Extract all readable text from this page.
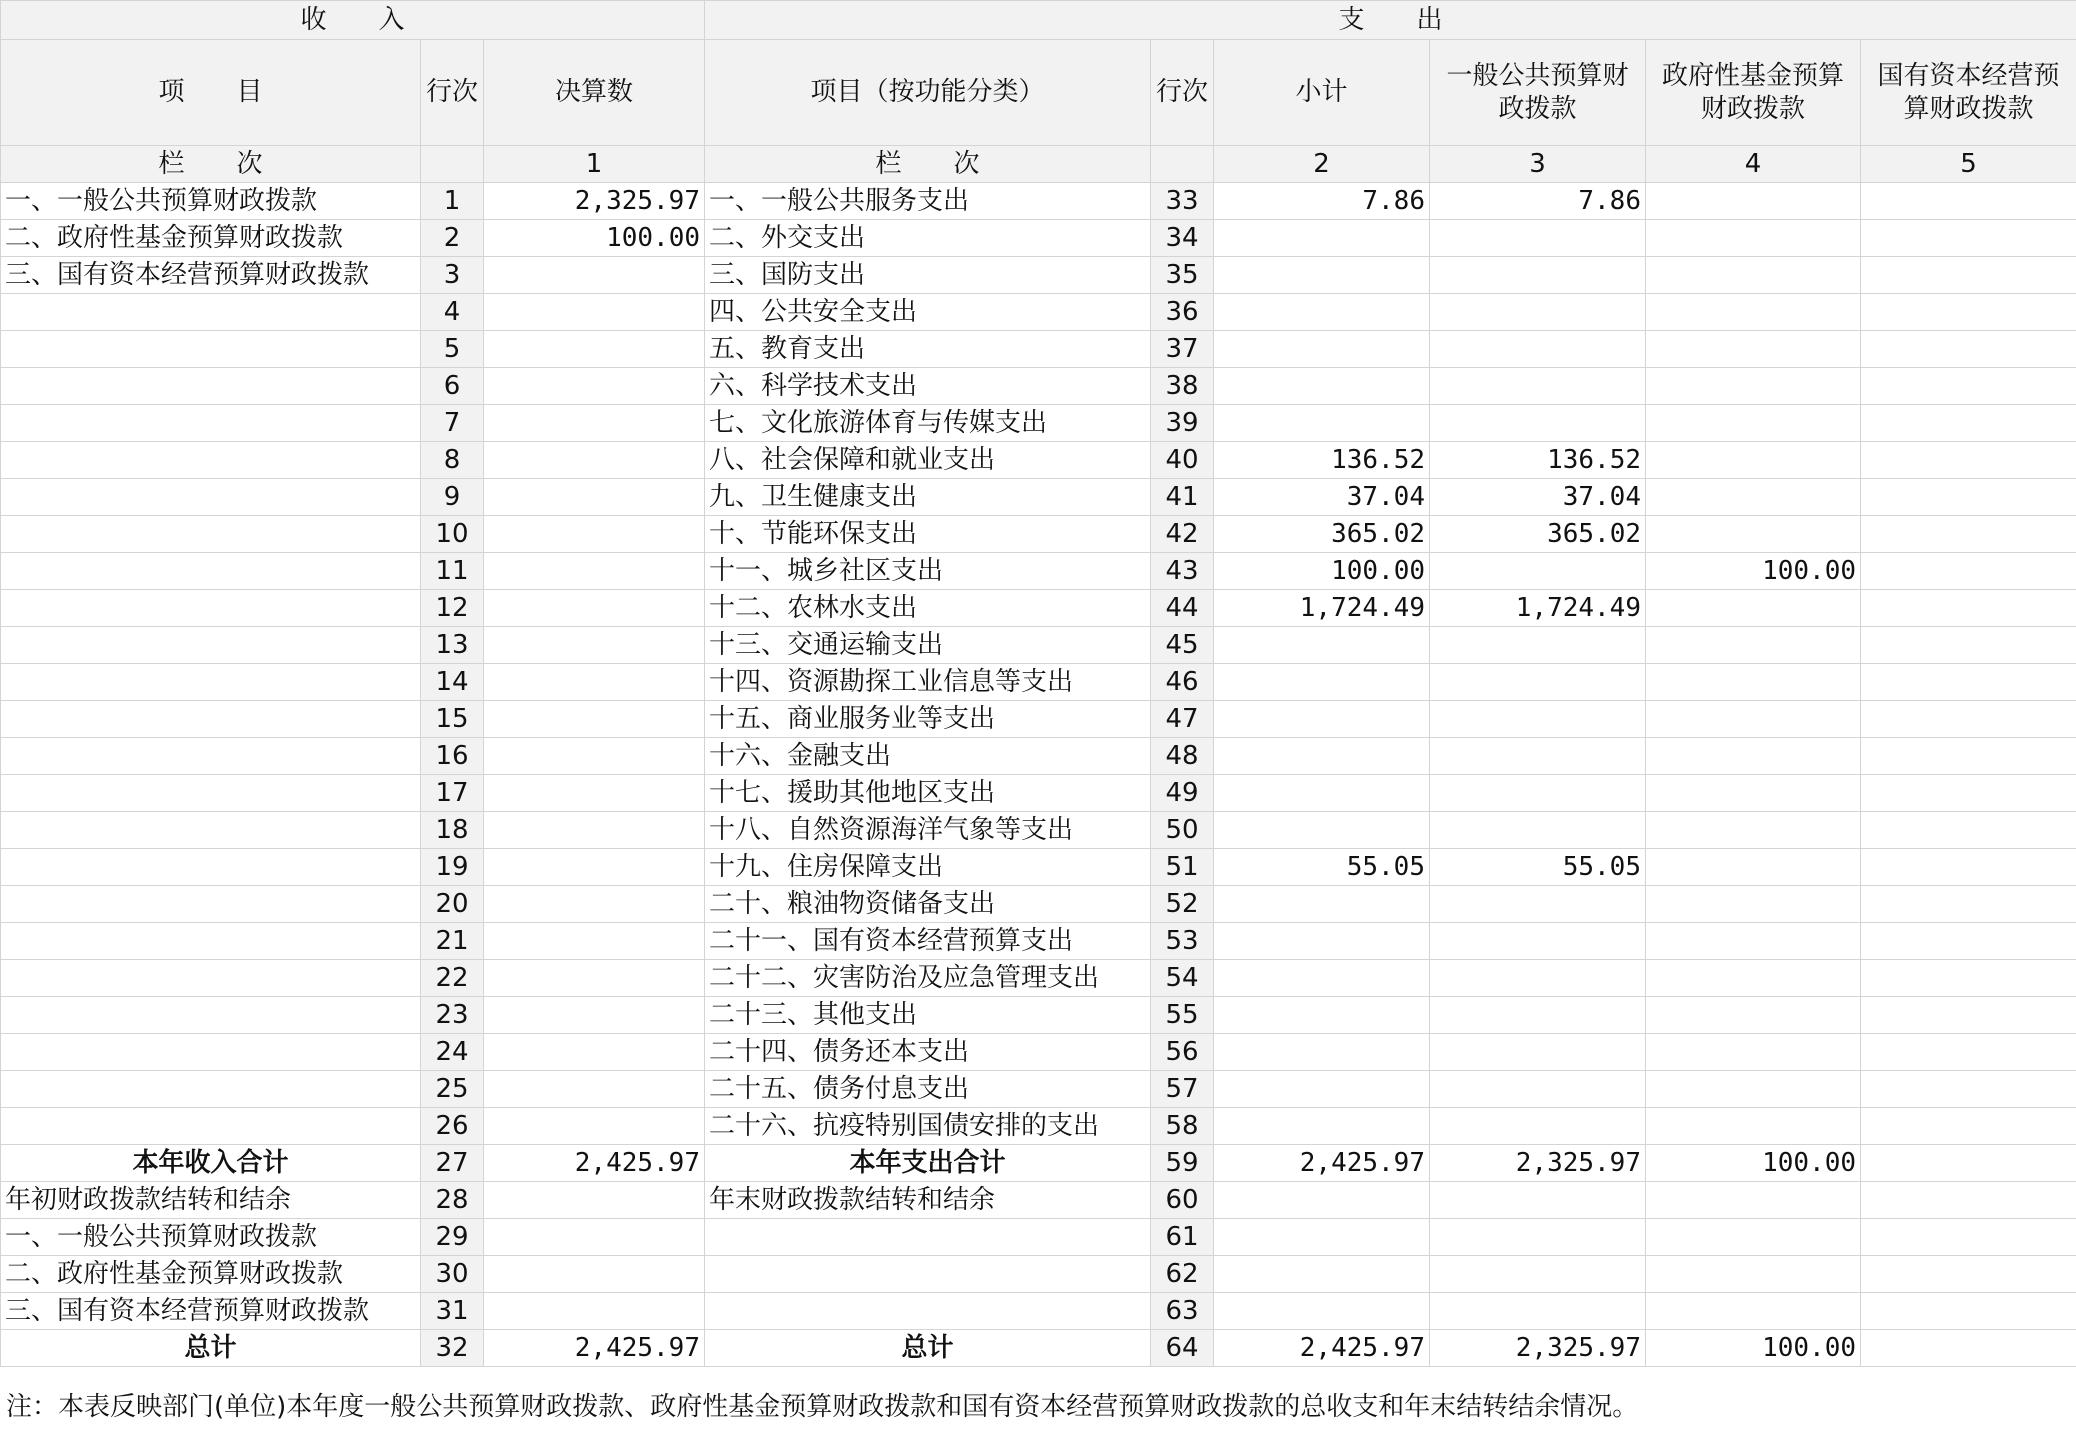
收　　入			支　　出					
项　　目	行次	决算数	项目（按功能分类）	行次	小计	一般公共预算财政拨款	政府性基金预算财政拨款	国有资本经营预算财政拨款
栏　　次		1	栏　　次		2	3	4	5
一、一般公共预算财政拨款	1	2,325.97	一、一般公共服务支出	33	7.86	7.86		
二、政府性基金预算财政拨款	2	100.00	二、外交支出	34				
三、国有资本经营预算财政拨款	3		三、国防支出	35				
	4		四、公共安全支出	36				
	5		五、教育支出	37				
	6		六、科学技术支出	38				
	7		七、文化旅游体育与传媒支出	39				
	8		八、社会保障和就业支出	40	136.52	136.52		
	9		九、卫生健康支出	41	37.04	37.04		
	10		十、节能环保支出	42	365.02	365.02		
	11		十一、城乡社区支出	43	100.00		100.00	
	12		十二、农林水支出	44	1,724.49	1,724.49		
	13		十三、交通运输支出	45				
	14		十四、资源勘探工业信息等支出	46				
	15		十五、商业服务业等支出	47				
	16		十六、金融支出	48				
	17		十七、援助其他地区支出	49				
	18		十八、自然资源海洋气象等支出	50				
	19		十九、住房保障支出	51	55.05	55.05		
	20		二十、粮油物资储备支出	52				
	21		二十一、国有资本经营预算支出	53				
	22		二十二、灾害防治及应急管理支出	54				
	23		二十三、其他支出	55				
	24		二十四、债务还本支出	56				
	25		二十五、债务付息支出	57				
	26		二十六、抗疫特别国债安排的支出	58				
本年收入合计	27	2,425.97	本年支出合计	59	2,425.97	2,325.97	100.00	
年初财政拨款结转和结余	28		年末财政拨款结转和结余	60				
一、一般公共预算财政拨款	29			61				
二、政府性基金预算财政拨款	30			62				
三、国有资本经营预算财政拨款	31			63				
总计	32	2,425.97	总计	64	2,425.97	2,325.97	100.00	
注：本表反映部门(单位)本年度一般公共预算财政拨款、政府性基金预算财政拨款和国有资本经营预算财政拨款的总收支和年末结转结余情况。
